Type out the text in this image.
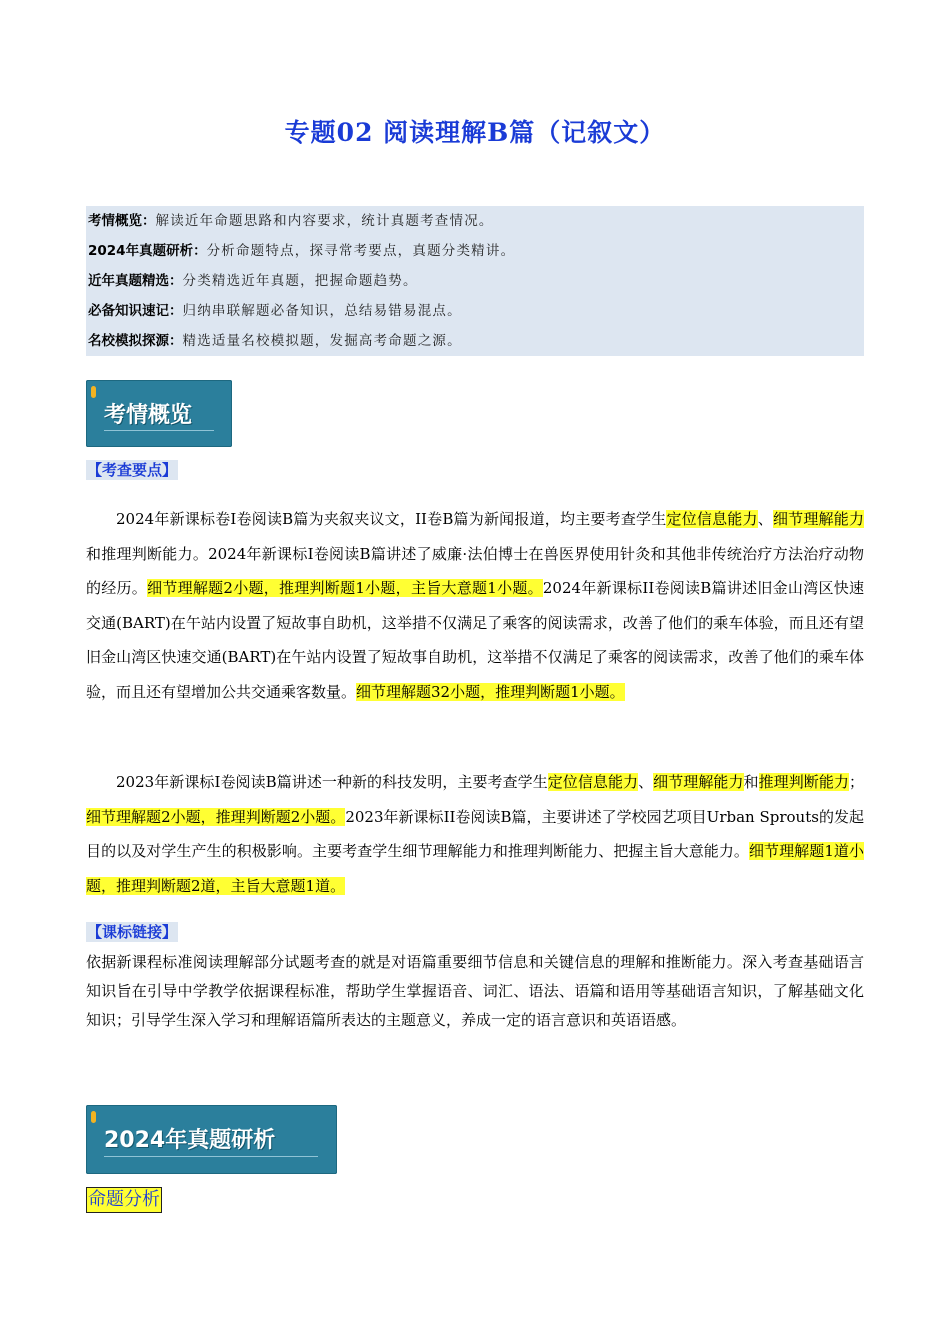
专题02 阅读理解B篇（记叙文）
考情概览：解读近年命题思路和内容要求，统计真题考查情况。
2024年真题研析：分析命题特点，探寻常考要点，真题分类精讲。
近年真题精选：分类精选近年真题，把握命题趋势。
必备知识速记：归纳串联解题必备知识，总结易错易混点。
名校模拟探源：精选适量名校模拟题，发掘高考命题之源。
考情概览
【考查要点】
2024年新课标卷I卷阅读B篇为夹叙夹议文，II卷B篇为新闻报道，均主要考查学生定位信息能力、细节理解能力和推理判断能力。2024年新课标I卷阅读B篇讲述了威廉·法伯博士在兽医界使用针灸和其他非传统治疗方法治疗动物的经历。细节理解题2小题，推理判断题1小题，主旨大意题1小题。2024年新课标II卷阅读B篇讲述旧金山湾区快速交通(BART)在午站内设置了短故事自助机，这举措不仅满足了乘客的阅读需求，改善了他们的乘车体验，而且还有望旧金山湾区快速交通(BART)在午站内设置了短故事自助机，这举措不仅满足了乘客的阅读需求，改善了他们的乘车体验，而且还有望增加公共交通乘客数量。细节理解题32小题，推理判断题1小题。
2023年新课标I卷阅读B篇讲述一种新的科技发明，主要考查学生定位信息能力、细节理解能力和推理判断能力；细节理解题2小题，推理判断题2小题。2023年新课标II卷阅读B篇，主要讲述了学校园艺项目Urban Sprouts的发起目的以及对学生产生的积极影响。主要考查学生细节理解能力和推理判断能力、把握主旨大意能力。细节理解题1道小题，推理判断题2道，主旨大意题1道。
【课标链接】
依据新课程标准阅读理解部分试题考查的就是对语篇重要细节信息和关键信息的理解和推断能力。深入考查基础语言知识旨在引导中学教学依据课程标准，帮助学生掌握语音、词汇、语法、语篇和语用等基础语言知识，了解基础文化知识；引导学生深入学习和理解语篇所表达的主题意义，养成一定的语言意识和英语语感。
2024年真题研析
命题分析
